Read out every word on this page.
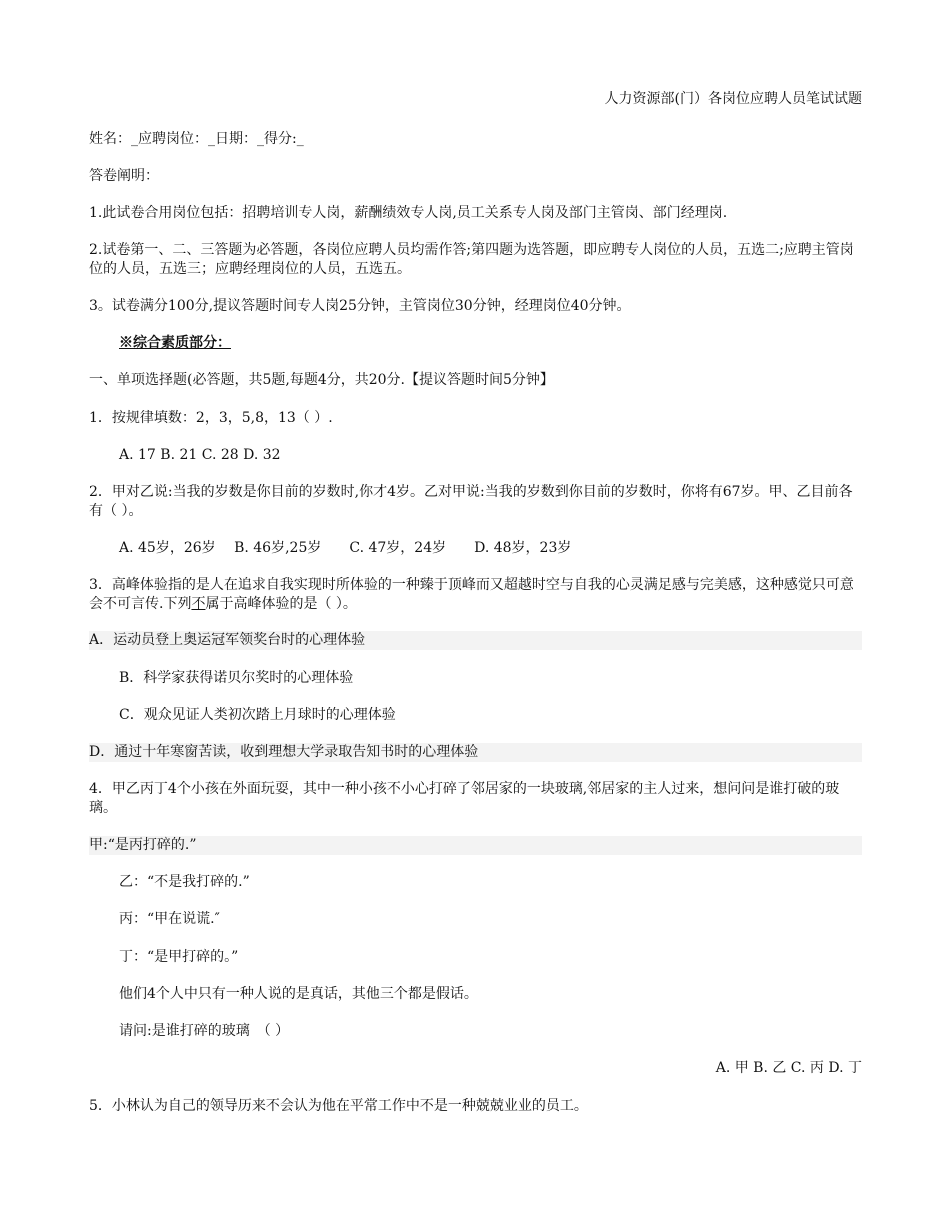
人力资源部(门）各岗位应聘人员笔试试题
姓名：_应聘岗位：_日期：_得分:_
答卷阐明：
1.此试卷合用岗位包括：招聘培训专人岗，薪酬绩效专人岗,员工关系专人岗及部门主管岗、部门经理岗.
2.试卷第一、二、三答题为必答题，各岗位应聘人员均需作答;第四题为选答题，即应聘专人岗位的人员，五选二;应聘主管岗位的人员，五选三；应聘经理岗位的人员，五选五。
3。试卷满分100分,提议答题时间专人岗25分钟，主管岗位30分钟，经理岗位40分钟。
※综合素质部分：
一、单项选择题(必答题，共5题,每题4分，共20分.【提议答题时间5分钟】
1．按规律填数：2，3，5,8，13（ ）.
A. 17 B. 21 C. 28 D. 32
2．甲对乙说:当我的岁数是你目前的岁数时,你才4岁。乙对甲说:当我的岁数到你目前的岁数时，你将有67岁。甲、乙目前各有（ ）。
A. 45岁，26岁　 B. 46岁,25岁　　C. 47岁，24岁　　D. 48岁，23岁
3．高峰体验指的是人在追求自我实现时所体验的一种臻于顶峰而又超越时空与自我的心灵满足感与完美感，这种感觉只可意会不可言传.下列不属于高峰体验的是（ ）。
A．运动员登上奥运冠军领奖台时的心理体验
B．科学家获得诺贝尔奖时的心理体验
C．观众见证人类初次踏上月球时的心理体验
D．通过十年寒窗苦读，收到理想大学录取告知书时的心理体验
4．甲乙丙丁4个小孩在外面玩耍，其中一种小孩不小心打碎了邻居家的一块玻璃,邻居家的主人过来，想问问是谁打破的玻璃。
甲:“是丙打碎的.”
乙：“不是我打碎的.”
丙：“甲在说谎.″
丁：“是甲打碎的。”
他们4个人中只有一种人说的是真话，其他三个都是假话。
请问:是谁打碎的玻璃　（ ）
A. 甲 B. 乙 C. 丙 D. 丁
5．小林认为自己的领导历来不会认为他在平常工作中不是一种兢兢业业的员工。
